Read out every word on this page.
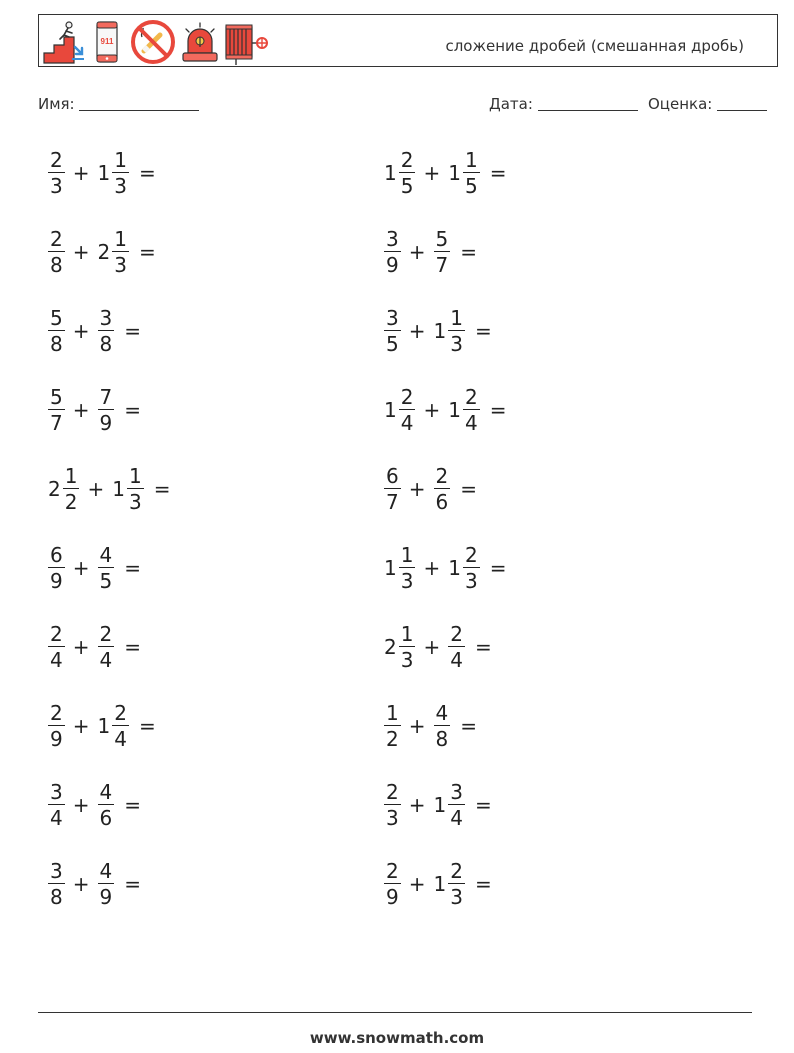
911	сложение дробей (смешанная дробь)
Имя:	Дата:	Оценка:
$\frac{2}{3} + 1 \frac{1}{3}$ =	$1 \frac{2}{5} + 1 \frac{1}{5}$ =
$\frac{2}{8} + 2 \frac{1}{3}$ =	$\frac{3}{9} + \frac{5}{7}$ =
$\frac{5}{8} + \frac{3}{8}$ =	$\frac{3}{5} + 1 \frac{1}{3}$ =
$\frac{5}{7} + \frac{7}{9}$ =	$1 \frac{2}{4} + 1 \frac{2}{4}$ =
$2 \frac{1}{2} + 1 \frac{1}{3}$ =	$\frac{6}{7} + \frac{2}{6}$ =
$\frac{6}{9} + \frac{4}{5}$ =	$1 \frac{1}{3} + 1 \frac{2}{3}$ =
$\frac{2}{4} + \frac{2}{4}$ =	$2 \frac{1}{3} + \frac{2}{4}$ =
$\frac{2}{9} + 1 \frac{2}{4}$ =	$\frac{1}{2} + \frac{4}{8}$ =
$\frac{3}{4} + \frac{4}{6}$ =	$\frac{2}{3} + 1 \frac{3}{4}$ =
$\frac{3}{8} + \frac{4}{9}$ =	$\frac{2}{9} + 1 \frac{2}{3}$ =
www.snowmath.com
